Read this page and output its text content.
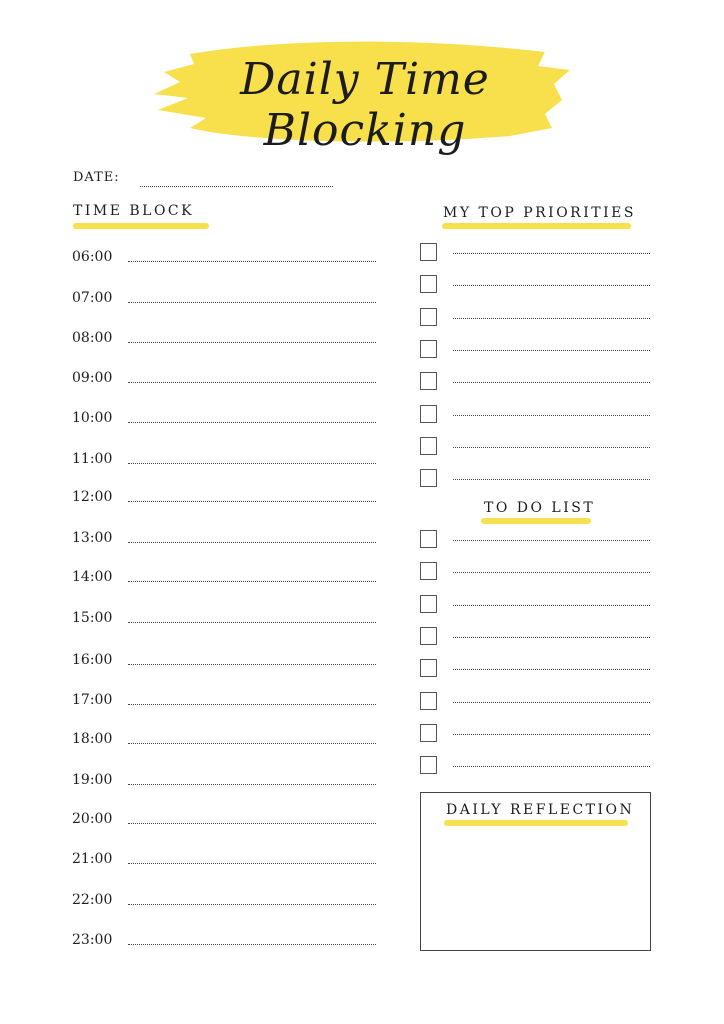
Daily Time Blocking
DATE:
TIME BLOCK
06:00
07:00
08:00
09:00
10:00
11:00
12:00
13:00
14:00
15:00
16:00
17:00
18:00
19:00
20:00
21:00
22:00
23:00
MY TOP PRIORITIES
TO DO LIST
DAILY REFLECTION
